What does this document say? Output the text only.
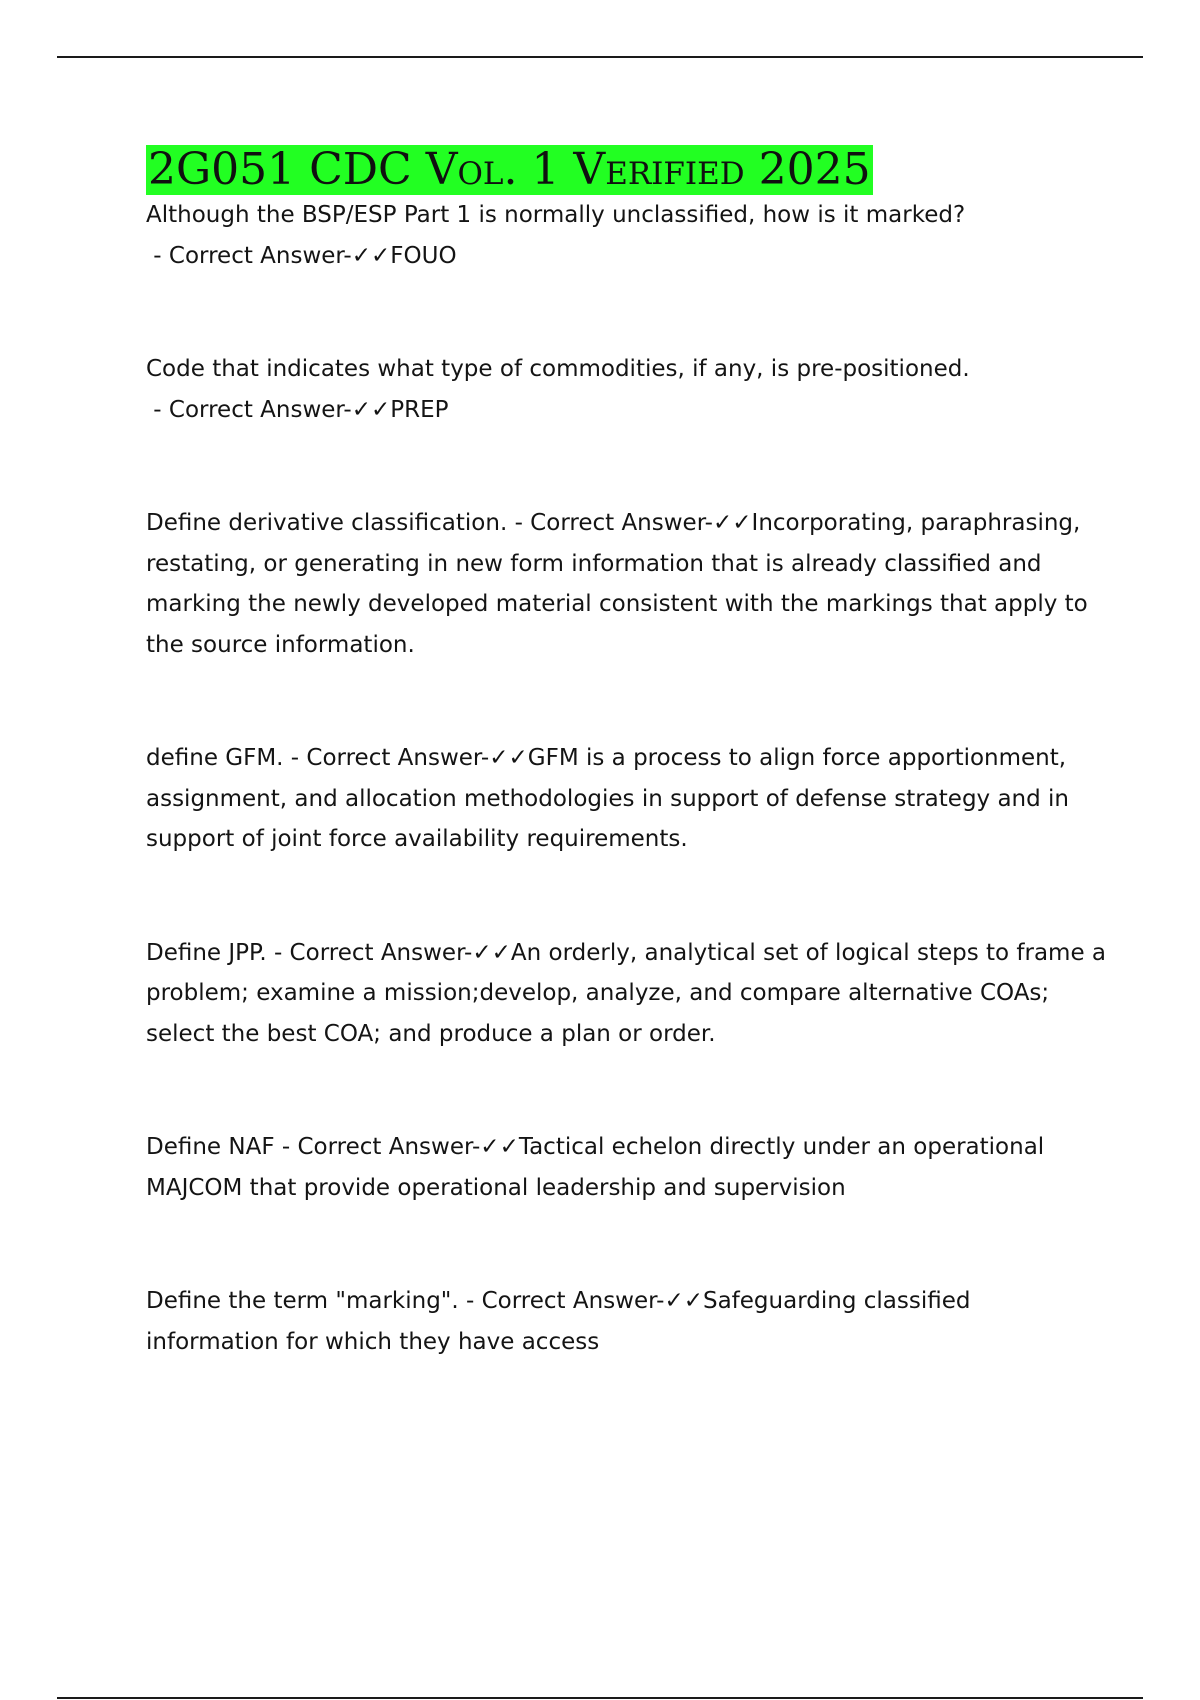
2G051 CDC Vol. 1 Verified 2025
Although the BSP/ESP Part 1 is normally unclassified, how is it marked? - Correct Answer-✓✓FOUO
Code that indicates what type of commodities, if any, is pre-positioned. - Correct Answer-✓✓PREP
Define derivative classification. - Correct Answer-✓✓Incorporating, paraphrasing, restating, or generating in new form information that is already classified and marking the newly developed material consistent with the markings that apply to the source information.
define GFM. - Correct Answer-✓✓GFM is a process to align force apportionment, assignment, and allocation methodologies in support of defense strategy and in support of joint force availability requirements.
Define JPP. - Correct Answer-✓✓An orderly, analytical set of logical steps to frame a problem; examine a mission;develop, analyze, and compare alternative COAs; select the best COA; and produce a plan or order.
Define NAF - Correct Answer-✓✓Tactical echelon directly under an operational MAJCOM that provide operational leadership and supervision
Define the term "marking". - Correct Answer-✓✓Safeguarding classified information for which they have access
